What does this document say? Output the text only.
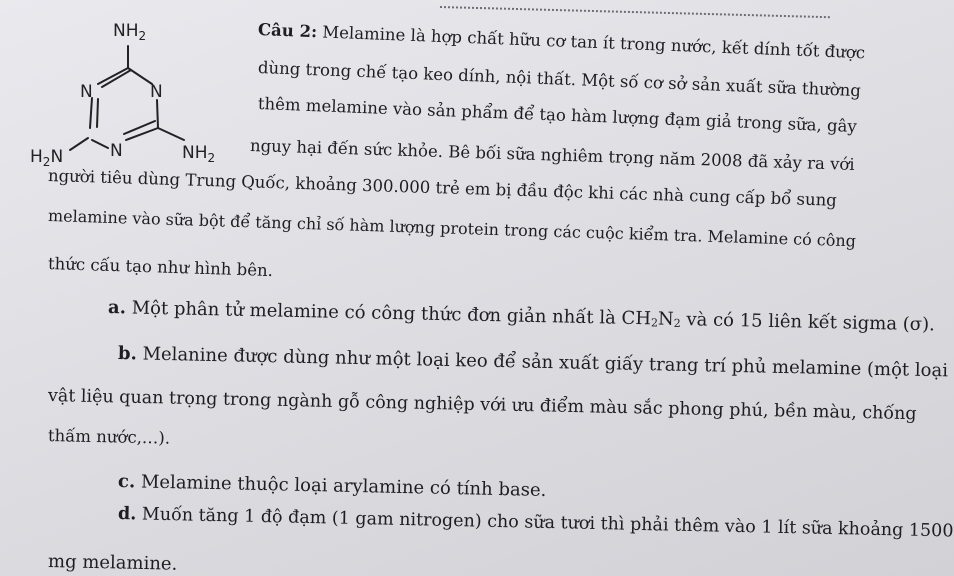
$NH_2$
N	N
N
$H_2N$	$NH_2$
Câu 2: Melamine là hợp chất hữu cơ tan ít trong nước, kết dính tốt được
dùng trong chế tạo keo dính, nội thất. Một số cơ sở sản xuất sữa thường
thêm melamine vào sản phẩm để tạo hàm lượng đạm giả trong sữa, gây
nguy hại đến sức khỏe. Bê bối sữa nghiêm trọng năm 2008 đã xảy ra với
người tiêu dùng Trung Quốc, khoảng 300.000 trẻ em bị đầu độc khi các nhà cung cấp bổ sung
melamine vào sữa bột để tăng chỉ số hàm lượng protein trong các cuộc kiểm tra. Melamine có công
thức cấu tạo như hình bên.
a. Một phân tử melamine có công thức đơn giản nhất là $CH_2N_2$ và có 15 liên kết sigma (σ).
b. Melanine được dùng như một loại keo để sản xuất giấy trang trí phủ melamine (một loại
vật liệu quan trọng trong ngành gỗ công nghiệp với ưu điểm màu sắc phong phú, bền màu, chống
thấm nước,…).
c. Melamine thuộc loại arylamine có tính base.
d. Muốn tăng 1 độ đạm (1 gam nitrogen) cho sữa tươi thì phải thêm vào 1 lít sữa khoảng 1500
mg melamine.
